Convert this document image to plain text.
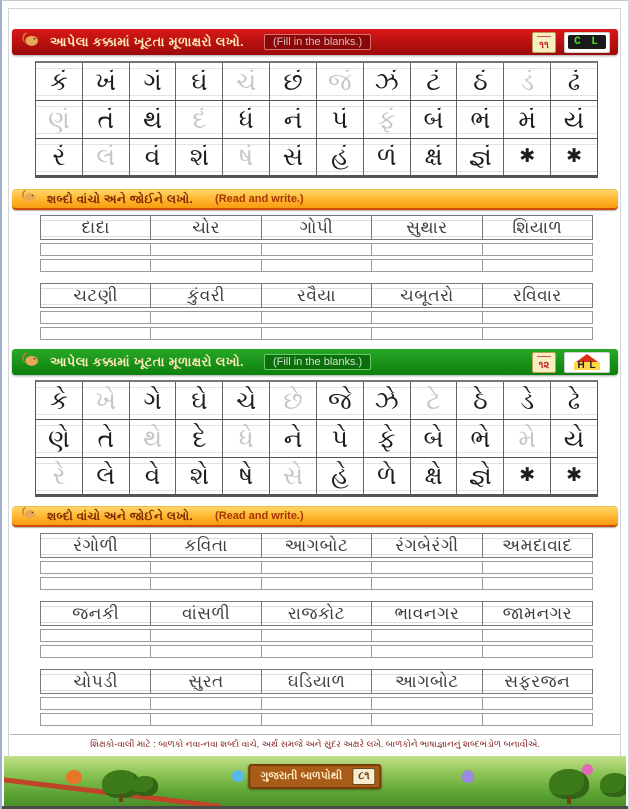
આપેલા કક્કામાં ખૂટતા મૂળાક્ષરો લખો.	(Fill in the blanks.)	૧૧	C L
કં ખં ગં ઘં ચં છં જં ઝં ટં ઠં ડં ઢં
ણં તં થં દં ધં નં પં ફં બં ભં મં યં
રં લં વં શં ષં સં હં ળં ક્ષં જ્ઞં ✱ ✱
શબ્દો વાંચો અને જોઈને લખો.	(Read and write.)
દાદા	ચોર	ગોપી	સુથાર	શિયાળ
ચટણી	કુંવરી	રવૈયા	ચબૂતરો	રવિવાર
આપેલા કક્કામાં ખૂટતા મૂળાક્ષરો લખો.	(Fill in the blanks.)	૧૨	H L
કે ખે ગે ઘે ચે છે જે ઝે ટે ઠે ડે ઢે
ણે તે થે દે ધે ને પે ફે બે ભે મે યે
રે લે વે શે ષે સે હે ળે ક્ષે જ્ઞે ✱ ✱
શબ્દો વાંચો અને જોઈને લખો.	(Read and write.)
રંગોળી	કવિતા	આગબોટ	રંગબેરંગી	અમદાવાદ
જનકી	વાંસળી	રાજકોટ	ભાવનગર	જામનગર
ચોપડી	સુરત	ઘડિયાળ	આગબોટ	સફરજન
શિક્ષકો-વાલી માટે : બાળકો નવા-નવા શબ્દો વાંચે, અર્થ સમજે અને સુંદર અક્ષરે લખે. બાળકોને ભાષાજ્ઞાનનું શબ્દભંડોળ બનાવીએ.
ગુજરાતી બાળપોથી	૮૧
